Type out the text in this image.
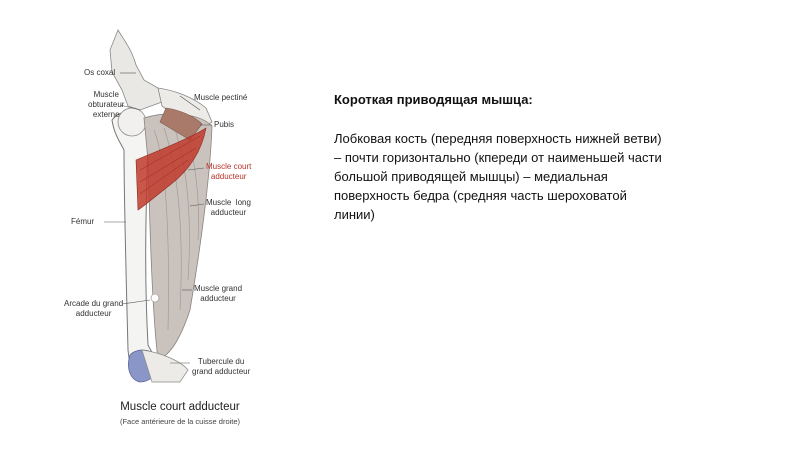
Os coxal
Muscle
obturateur
externe
Fémur
Arcade du grand
adducteur
Muscle pectiné
Pubis
Muscle court
adducteur
Muscle  long
adducteur
Muscle grand
adducteur
Tubercule du
grand adducteur
Muscle court adducteur
(Face antérieure de la cuisse droite)

Короткая приводящая мышца:

Лобковая кость (передняя поверхность нижней ветви)
– почти горизонтально (кпереди от наименьшей части
большой приводящей мышцы) – медиальная
поверхность бедра (средняя часть шероховатой
линии)
